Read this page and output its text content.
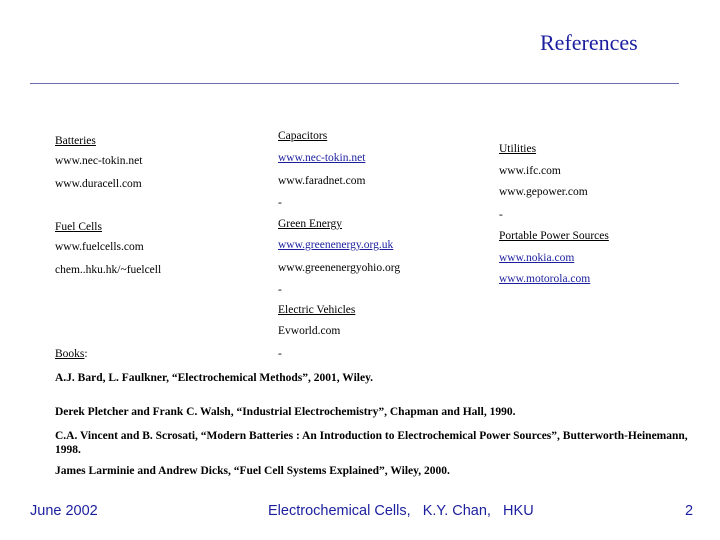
References
Batteries
www.nec-tokin.net
www.duracell.com
Fuel Cells
www.fuelcells.com
chem..hku.hk/~fuelcell
Books:
Capacitors
www.nec-tokin.net
www.faradnet.com
-
Green Energy
www.greenenergy.org.uk
www.greenenergyohio.org
-
Electric Vehicles
Evworld.com
-
Utilities
www.ifc.com
www.gepower.com
-
Portable Power Sources
www.nokia.com
www.motorola.com
A.J. Bard, L. Faulkner, “Electrochemical Methods”, 2001, Wiley.
Derek Pletcher and Frank C. Walsh, “Industrial Electrochemistry”, Chapman and Hall, 1990.
C.A. Vincent and B. Scrosati, “Modern Batteries : An Introduction to Electrochemical Power Sources”, Butterworth-Heinemann, 1998.
James Larminie and Andrew Dicks, “Fuel Cell Systems Explained”, Wiley, 2000.
June 2002	Electrochemical Cells,   K.Y. Chan,   HKU	2
